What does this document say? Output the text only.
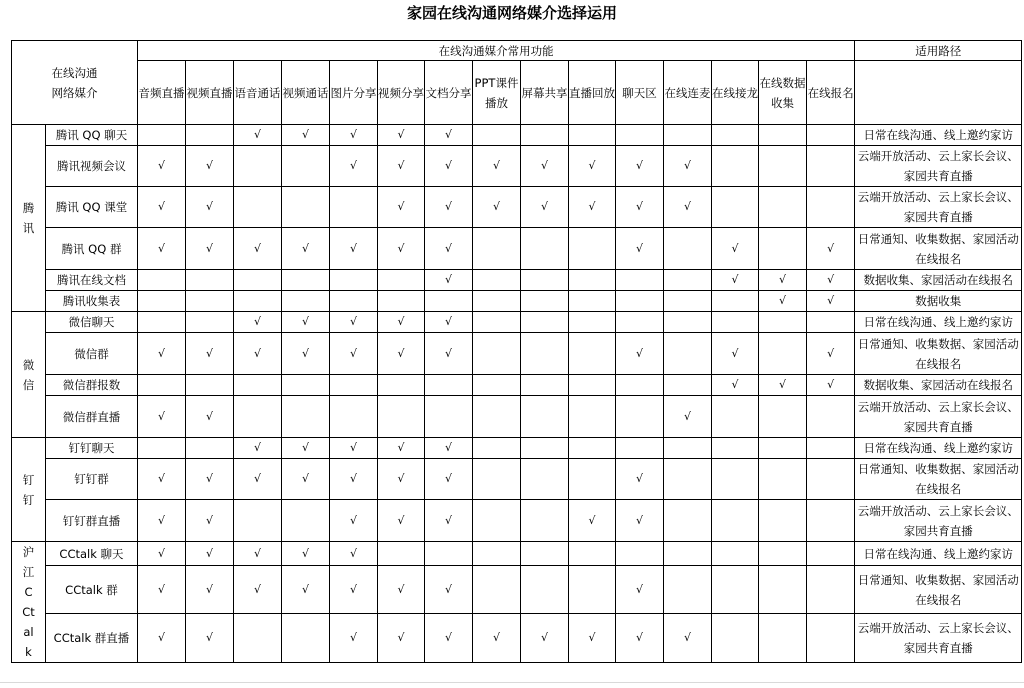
家园在线沟通网络媒介选择运用
在线沟通
网络媒介		在线沟通媒介常用功能															适用路径
		音频直播	视频直播	语音通话	视频通话	图片分享	视频分享	文档分享	PPT课件播放	屏幕共享	直播回放	聊天区	在线连麦	在线接龙	在线数据收集	在线报名	
腾讯	腾讯 QQ 聊天			√	√	√	√	√									日常在线沟通、线上邀约家访
	腾讯视频会议	√	√			√	√	√	√	√	√	√	√				云端开放活动、云上家长会议、家园共育直播
	腾讯 QQ 课堂	√	√				√	√	√	√	√	√	√				云端开放活动、云上家长会议、家园共育直播
	腾讯 QQ 群	√	√	√	√	√	√	√				√		√		√	日常通知、收集数据、家园活动在线报名
	腾讯在线文档							√						√	√	√	数据收集、家园活动在线报名
	腾讯收集表														√	√	数据收集
微信	微信聊天			√	√	√	√	√									日常在线沟通、线上邀约家访
	微信群	√	√	√	√	√	√	√				√		√		√	日常通知、收集数据、家园活动在线报名
	微信群报数													√	√	√	数据收集、家园活动在线报名
	微信群直播	√	√										√				云端开放活动、云上家长会议、家园共育直播
钉钉	钉钉聊天			√	√	√	√	√									日常在线沟通、线上邀约家访
	钉钉群	√	√	√	√	√	√	√				√					日常通知、收集数据、家园活动在线报名
	钉钉群直播	√	√			√	√	√			√	√					云端开放活动、云上家长会议、家园共育直播
沪江CCtalk	CCtalk 聊天	√	√	√	√	√											日常在线沟通、线上邀约家访
	CCtalk 群	√	√	√	√	√	√	√				√					日常通知、收集数据、家园活动在线报名
	CCtalk 群直播	√	√			√	√	√	√	√	√	√	√				云端开放活动、云上家长会议、家园共育直播
